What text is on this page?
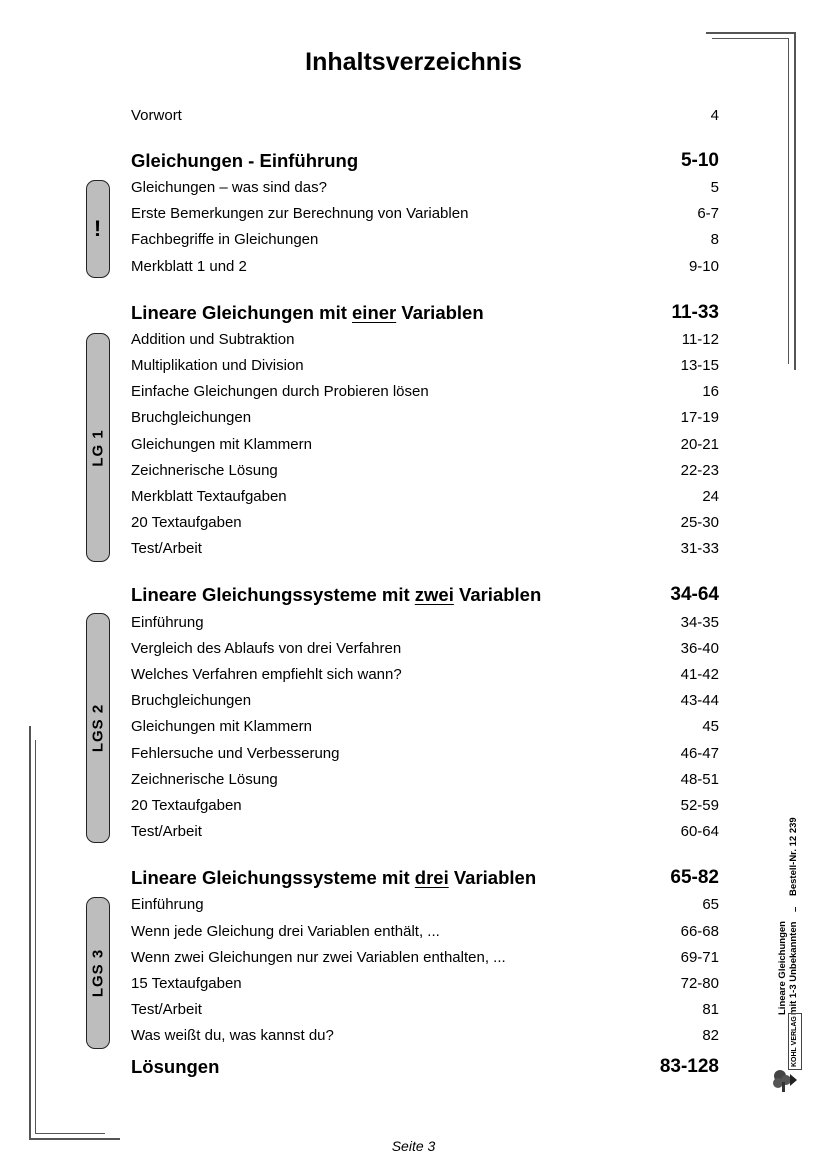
Inhaltsverzeichnis
Vorwort	4
!
Gleichungen - Einführung	5-10
Gleichungen – was sind das?	5
Erste Bemerkungen zur Berechnung von Variablen	6-7
Fachbegriffe in Gleichungen	8
Merkblatt 1 und 2	9-10
LG 1
Lineare Gleichungen mit einer Variablen	11-33
Addition und Subtraktion	11-12
Multiplikation und Division	13-15
Einfache Gleichungen durch Probieren lösen	16
Bruchgleichungen	17-19
Gleichungen mit Klammern	20-21
Zeichnerische Lösung	22-23
Merkblatt Textaufgaben	24
20 Textaufgaben	25-30
Test/Arbeit	31-33
LGS 2
Lineare Gleichungssysteme mit zwei Variablen	34-64
Einführung	34-35
Vergleich des Ablaufs von drei Verfahren	36-40
Welches Verfahren empfiehlt sich wann?	41-42
Bruchgleichungen	43-44
Gleichungen mit Klammern	45
Fehlersuche und Verbesserung	46-47
Zeichnerische Lösung	48-51
20 Textaufgaben	52-59
Test/Arbeit	60-64
LGS 3
Lineare Gleichungssysteme mit drei Variablen	65-82
Einführung	65
Wenn jede Gleichung drei Variablen enthält, ...	66-68
Wenn zwei Gleichungen nur zwei Variablen enthalten, ...	69-71
15 Textaufgaben	72-80
Test/Arbeit	81
Was weißt du, was kannst du?	82
Lösungen	83-128
Bestell-Nr. 12 239
–
Lineare Gleichungen mit 1-3 Unbekannten
KOHL VERLAG
Seite 3
